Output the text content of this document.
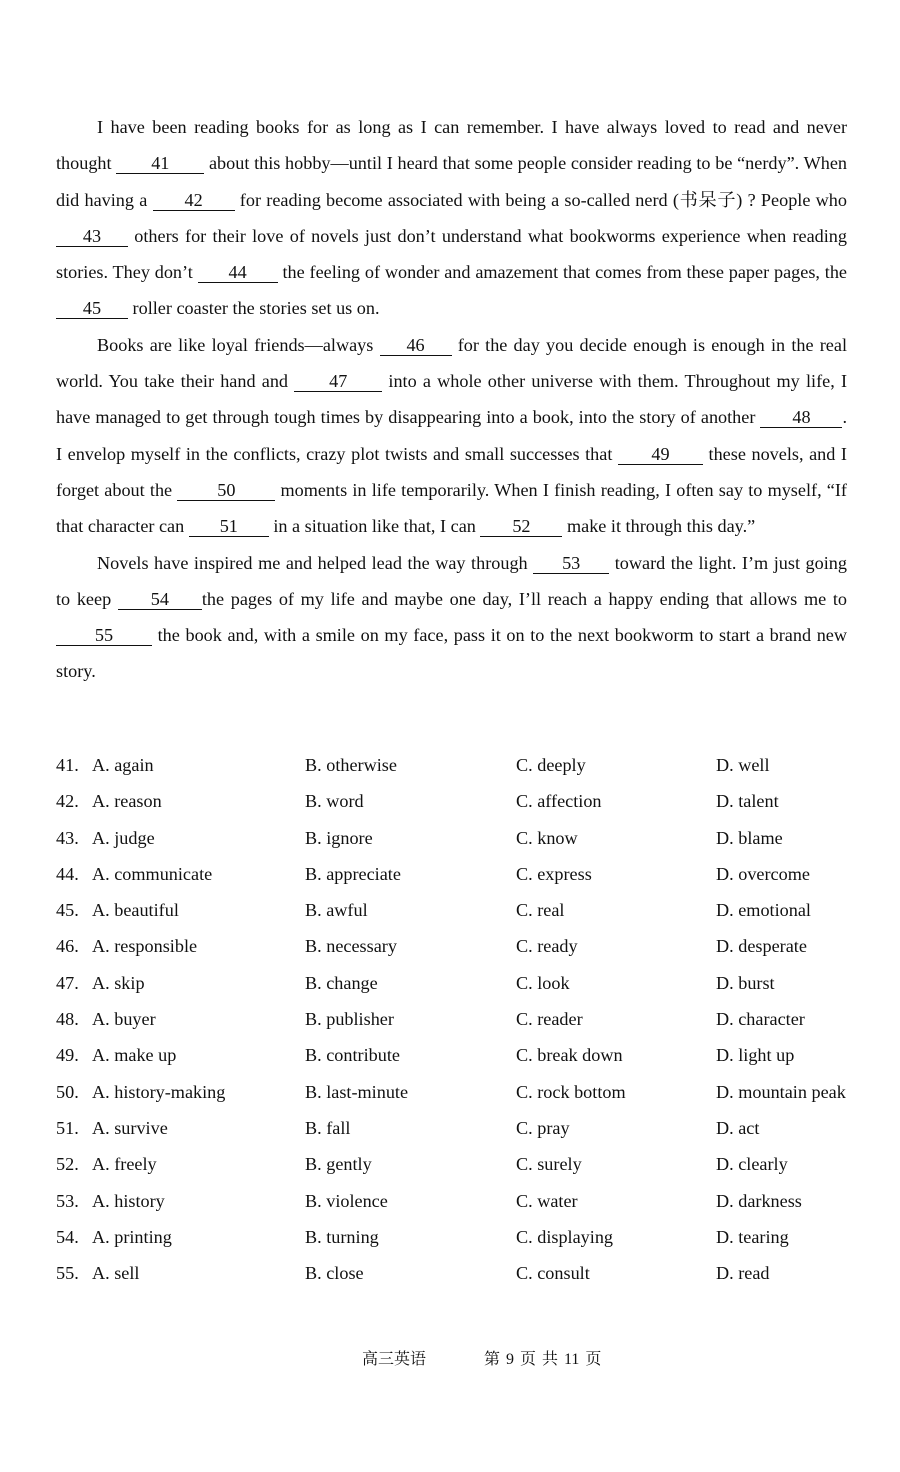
I have been reading books for as long as I can remember. I have always loved to read and never thought 41 about this hobby—until I heard that some people consider reading to be “nerdy”. When did having a 42 for reading become associated with being a so-called nerd (书呆子) ? People who 43 others for their love of novels just don’t understand what bookworms experience when reading stories. They don’t 44 the feeling of wonder and amazement that comes from these paper pages, the 45 roller coaster the stories set us on.

Books are like loyal friends—always 46 for the day you decide enough is enough in the real world. You take their hand and 47 into a whole other universe with them. Throughout my life, I have managed to get through tough times by disappearing into a book, into the story of another 48 . I envelop myself in the conflicts, crazy plot twists and small successes that 49 these novels, and I forget about the 50 moments in life temporarily. When I finish reading, I often say to myself, “If that character can 51 in a situation like that, I can 52 make it through this day.”

Novels have inspired me and helped lead the way through 53 toward the light. I’m just going to keep 54 the pages of my life and maybe one day, I’ll reach a happy ending that allows me to 55 the book and, with a smile on my face, pass it on to the next bookworm to start a brand new story.

41. A. again	B. otherwise	C. deeply	D. well
42. A. reason	B. word	C. affection	D. talent
43. A. judge	B. ignore	C. know	D. blame
44. A. communicate	B. appreciate	C. express	D. overcome
45. A. beautiful	B. awful	C. real	D. emotional
46. A. responsible	B. necessary	C. ready	D. desperate
47. A. skip	B. change	C. look	D. burst
48. A. buyer	B. publisher	C. reader	D. character
49. A. make up	B. contribute	C. break down	D. light up
50. A. history-making	B. last-minute	C. rock bottom	D. mountain peak
51. A. survive	B. fall	C. pray	D. act
52. A. freely	B. gently	C. surely	D. clearly
53. A. history	B. violence	C. water	D. darkness
54. A. printing	B. turning	C. displaying	D. tearing
55. A. sell	B. close	C. consult	D. read
高三英语	第 9 页 共 11 页
